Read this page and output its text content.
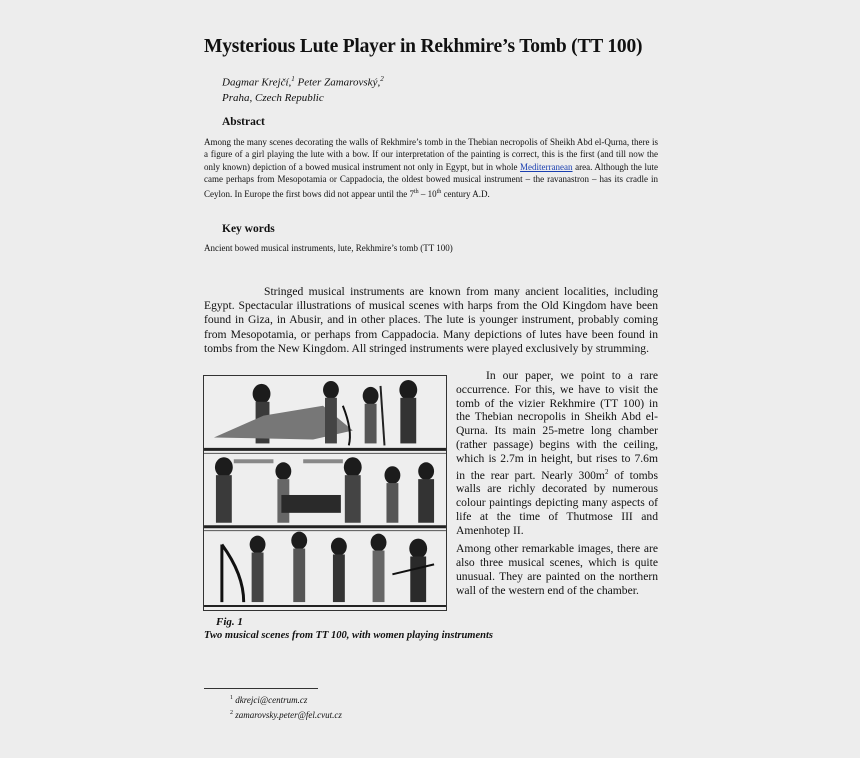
Mysterious Lute Player in Rekhmire’s Tomb (TT 100)
Dagmar Krejčí,$^1$ Peter Zamarovský,$^2$
Praha, Czech Republic
Abstract
Among the many scenes decorating the walls of Rekhmire’s tomb in the Thebian necropolis of Sheikh Abd el-Qurna, there is a figure of a girl playing the lute with a bow. If our interpretation of the painting is correct, this is the first (and till now the only known) depiction of a bowed musical instrument not only in Egypt, but in whole Mediterranean area. Although the lute came perhaps from Mesopotamia or Cappadocia, the oldest bowed musical instrument – the ravanastron – has its cradle in Ceylon. In Europe the first bows did not appear until the 7th – 10th century A.D.
Key words
Ancient bowed musical instruments, lute, Rekhmire’s tomb (TT 100)
Stringed musical instruments are known from many ancient localities, including Egypt. Spectacular illustrations of musical scenes with harps from the Old Kingdom have been found in Giza, in Abusir, and in other places. The lute is younger instrument, probably coming from Mesopotamia, or perhaps from Cappadocia. Many depictions of lutes have been found in tombs from the New Kingdom. All stringed instruments were played exclusively by strumming.

In our paper, we point to a rare occurrence. For this, we have to visit the tomb of the vizier Rekhmire (TT 100) in the Thebian necropolis in Sheikh Abd el-Qurna. Its main 25-metre long chamber (rather passage) begins with the ceiling, which is 2.7m in height, but rises to 7.6m in the rear part. Nearly $300m^2$ of tombs walls are richly decorated by numerous colour paintings depicting many aspects of life at the time of Thutmose III and Amenhotep II.

Among other remarkable images, there are also three musical scenes, which is quite unusual. They are painted on the northern wall of the western end of the chamber.

Fig. 1
Two musical scenes from TT 100, with women playing instruments
$^1$ dkrejci@centrum.cz
$^2$ zamarovsky.peter@fel.cvut.cz
